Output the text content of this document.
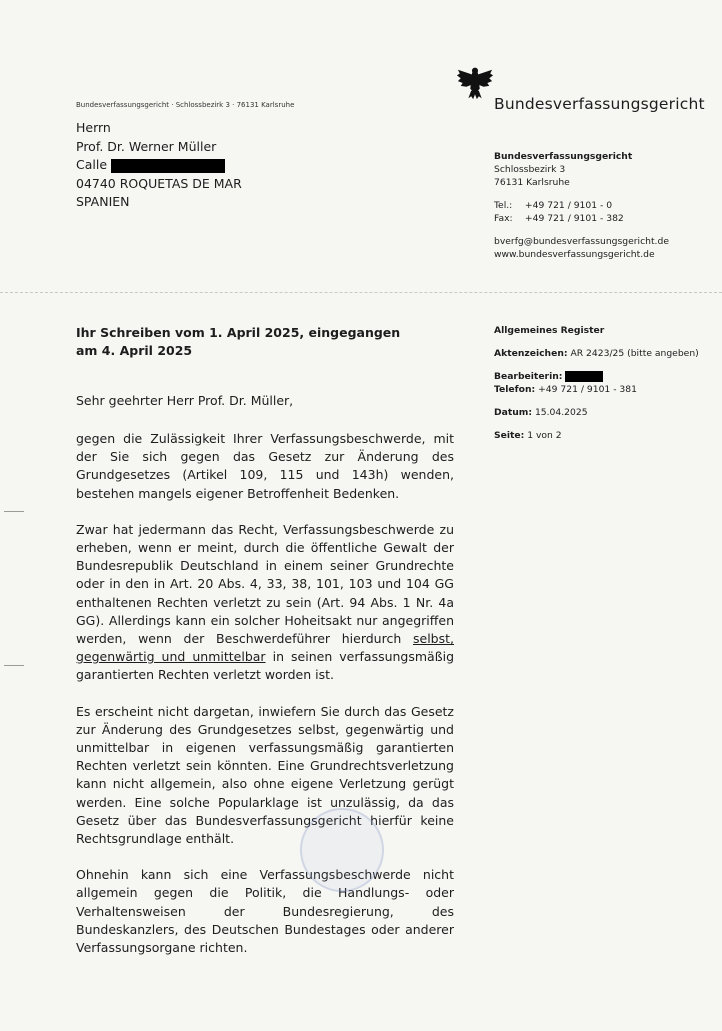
Bundesverfassungsgericht
Bundesverfassungsgericht · Schlossbezirk 3 · 76131 Karlsruhe
Herrn
Prof. Dr. Werner Müller
Calle
04740 ROQUETAS DE MAR
SPANIEN
Bundesverfassungsgericht
Schlossbezirk 3
76131 Karlsruhe
Tel.: +49 721 / 9101 - 0
Fax: +49 721 / 9101 - 382
bverfg@bundesverfassungsgericht.de
www.bundesverfassungsgericht.de
Allgemeines Register
Aktenzeichen: AR 2423/25 (bitte angeben)
Bearbeiterin:
Telefon: +49 721 / 9101 - 381
Datum: 15.04.2025
Seite: 1 von 2
Ihr Schreiben vom 1. April 2025, eingegangen am 4. April 2025
Sehr geehrter Herr Prof. Dr. Müller,

gegen die Zulässigkeit Ihrer Verfassungsbeschwerde, mit der Sie sich gegen das Gesetz zur Änderung des Grundgesetzes (Artikel 109, 115 und 143h) wenden, bestehen mangels eigener Betroffenheit Bedenken.

Zwar hat jedermann das Recht, Verfassungsbeschwerde zu erheben, wenn er meint, durch die öffentliche Gewalt der Bundesrepublik Deutschland in einem seiner Grundrechte oder in den in Art. 20 Abs. 4, 33, 38, 101, 103 und 104 GG enthaltenen Rechten verletzt zu sein (Art. 94 Abs. 1 Nr. 4a GG). Allerdings kann ein solcher Hoheitsakt nur angegriffen werden, wenn der Beschwerdeführer hierdurch selbst, gegenwärtig und unmittelbar in seinen verfassungsmäßig garantierten Rechten verletzt worden ist.

Es erscheint nicht dargetan, inwiefern Sie durch das Gesetz zur Änderung des Grundgesetzes selbst, gegenwärtig und unmittelbar in eigenen verfassungsmäßig garantierten Rechten verletzt sein könnten. Eine Grundrechtsverletzung kann nicht allgemein, also ohne eigene Verletzung gerügt werden. Eine solche Popularklage ist unzulässig, da das Gesetz über das Bundesverfassungsgericht hierfür keine Rechtsgrundlage enthält.

Ohnehin kann sich eine Verfassungsbeschwerde nicht allgemein gegen die Politik, die Handlungs- oder Verhaltensweisen der Bundesregierung, des Bundeskanzlers, des Deutschen Bundestages oder anderer Verfassungsorgane richten.
